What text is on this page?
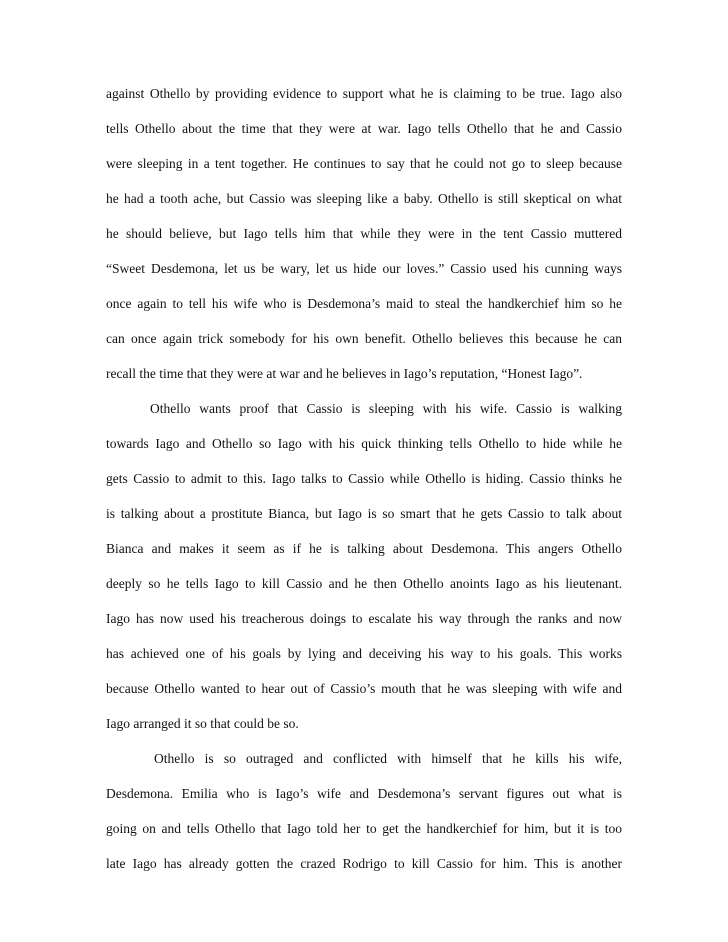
against Othello by providing evidence to support what he is claiming to be true. Iago also
tells Othello about the time that they were at war. Iago tells Othello that he and Cassio
were sleeping in a tent together. He continues to say that he could not go to sleep because
he had a tooth ache, but Cassio was sleeping like a baby. Othello is still skeptical on what
he should believe, but Iago tells him that while they were in the tent Cassio muttered
“Sweet Desdemona, let us be wary, let us hide our loves.” Cassio used his cunning ways
once again to tell his wife who is Desdemona’s maid to steal the handkerchief him so he
can once again trick somebody for his own benefit. Othello believes this because he can
recall the time that they were at war and he believes in Iago’s reputation, “Honest Iago”.
Othello wants proof that Cassio is sleeping with his wife. Cassio is walking
towards Iago and Othello so Iago with his quick thinking tells Othello to hide while he
gets Cassio to admit to this. Iago talks to Cassio while Othello is hiding. Cassio thinks he
is talking about a prostitute Bianca, but Iago is so smart that he gets Cassio to talk about
Bianca and makes it seem as if he is talking about Desdemona. This angers Othello
deeply so he tells Iago to kill Cassio and he then Othello anoints Iago as his lieutenant.
Iago has now used his treacherous doings to escalate his way through the ranks and now
has achieved one of his goals by lying and deceiving his way to his goals. This works
because Othello wanted to hear out of Cassio’s mouth that he was sleeping with wife and
Iago arranged it so that could be so.
Othello is so outraged and conflicted with himself that he kills his wife,
Desdemona. Emilia who is Iago’s wife and Desdemona’s servant figures out what is
going on and tells Othello that Iago told her to get the handkerchief for him, but it is too
late Iago has already gotten the crazed Rodrigo to kill Cassio for him. This is another
